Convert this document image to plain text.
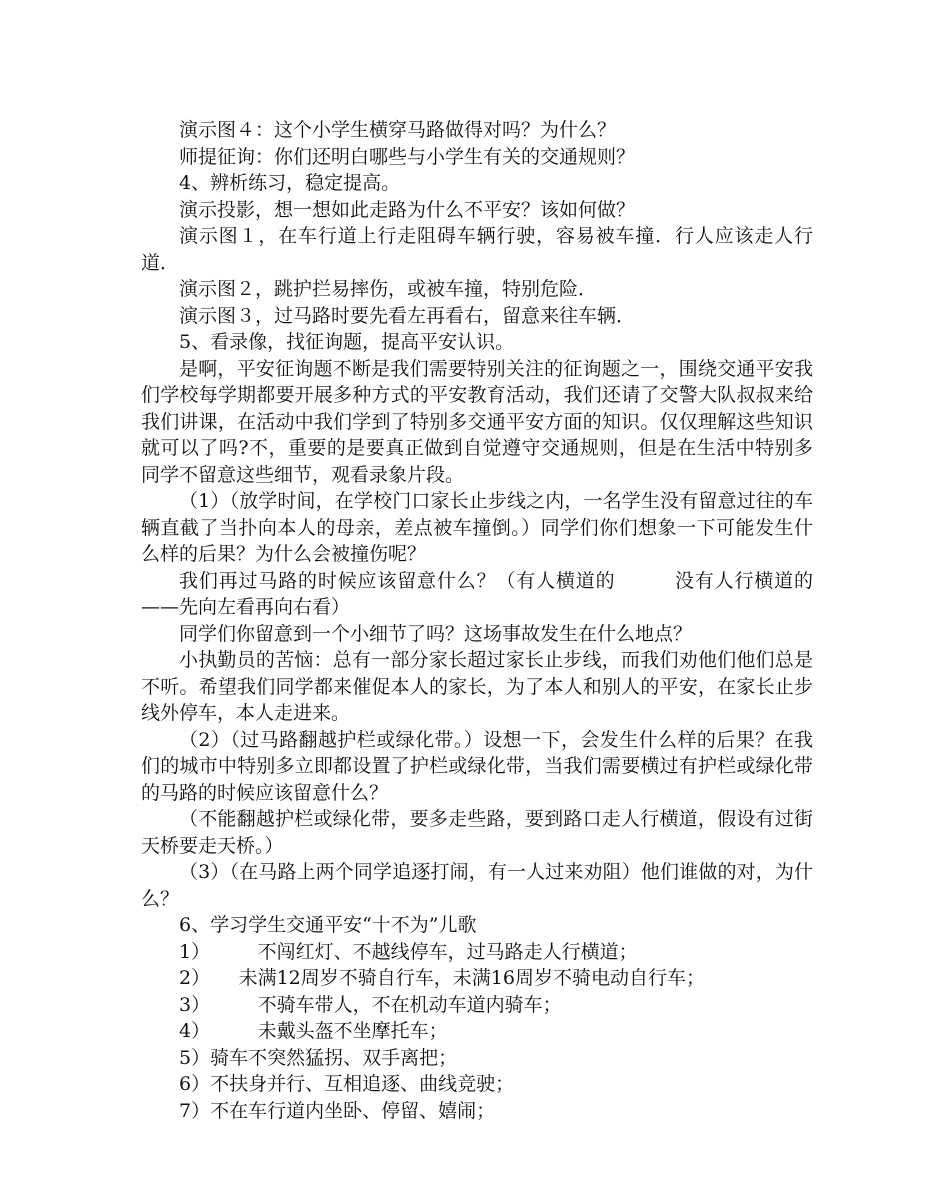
演示图４：这个小学生横穿马路做得对吗？为什么？

师提征询：你们还明白哪些与小学生有关的交通规则？

4、辨析练习，稳定提高。

演示投影，想一想如此走路为什么不平安？该如何做？

演示图１，在车行道上行走阻碍车辆行驶，容易被车撞．行人应该走人行道．

演示图２，跳护拦易摔伤，或被车撞，特别危险．

演示图３，过马路时要先看左再看右，留意来往车辆．

5、看录像，找征询题，提高平安认识。

是啊，平安征询题不断是我们需要特别关注的征询题之一，围绕交通平安我们学校每学期都要开展多种方式的平安教育活动，我们还请了交警大队叔叔来给我们讲课，在活动中我们学到了特别多交通平安方面的知识。仅仅理解这些知识就可以了吗?不，重要的是要真正做到自觉遵守交通规则，但是在生活中特别多同学不留意这些细节，观看录象片段。

（1）（放学时间，在学校门口家长止步线之内，一名学生没有留意过往的车辆直截了当扑向本人的母亲，差点被车撞倒。）同学们你们想象一下可能发生什么样的后果？为什么会被撞伤呢？

我们再过马路的时候应该留意什么？（有人横道的　　　没有人行横道的——先向左看再向右看）

同学们你留意到一个小细节了吗？这场事故发生在什么地点？

小执勤员的苦恼：总有一部分家长超过家长止步线，而我们劝他们他们总是不听。希望我们同学都来催促本人的家长，为了本人和别人的平安，在家长止步线外停车，本人走进来。

（2）（过马路翻越护栏或绿化带。）设想一下，会发生什么样的后果？在我们的城市中特别多立即都设置了护栏或绿化带，当我们需要横过有护栏或绿化带的马路的时候应该留意什么？

（不能翻越护栏或绿化带，要多走些路，要到路口走人行横道，假设有过街天桥要走天桥。）

（3）（在马路上两个同学追逐打闹，有一人过来劝阻）他们谁做的对，为什么？

6、学习学生交通平安“十不为”儿歌

1）　　　不闯红灯、不越线停车，过马路走人行横道；

2）　　未满12周岁不骑自行车，未满16周岁不骑电动自行车；

3）　　　不骑车带人，不在机动车道内骑车；

4）　　　未戴头盔不坐摩托车；

5）骑车不突然猛拐、双手离把；

6）不扶身并行、互相追逐、曲线竞驶；

7）不在车行道内坐卧、停留、嬉闹；
